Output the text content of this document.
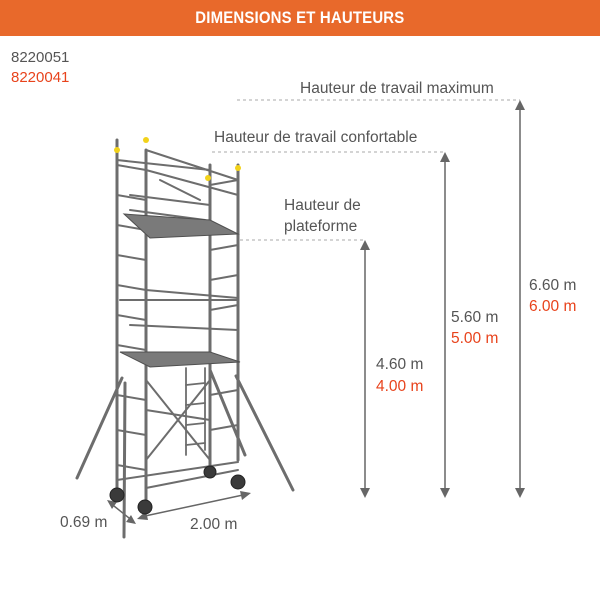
DIMENSIONS ET HAUTEURS
8220051
8220041
Hauteur de travail maximum
Hauteur de travail confortable
Hauteur de
plateforme
4.60 m
4.00 m
5.60 m
5.00 m
6.60 m
6.00 m
0.69 m	2.00 m
